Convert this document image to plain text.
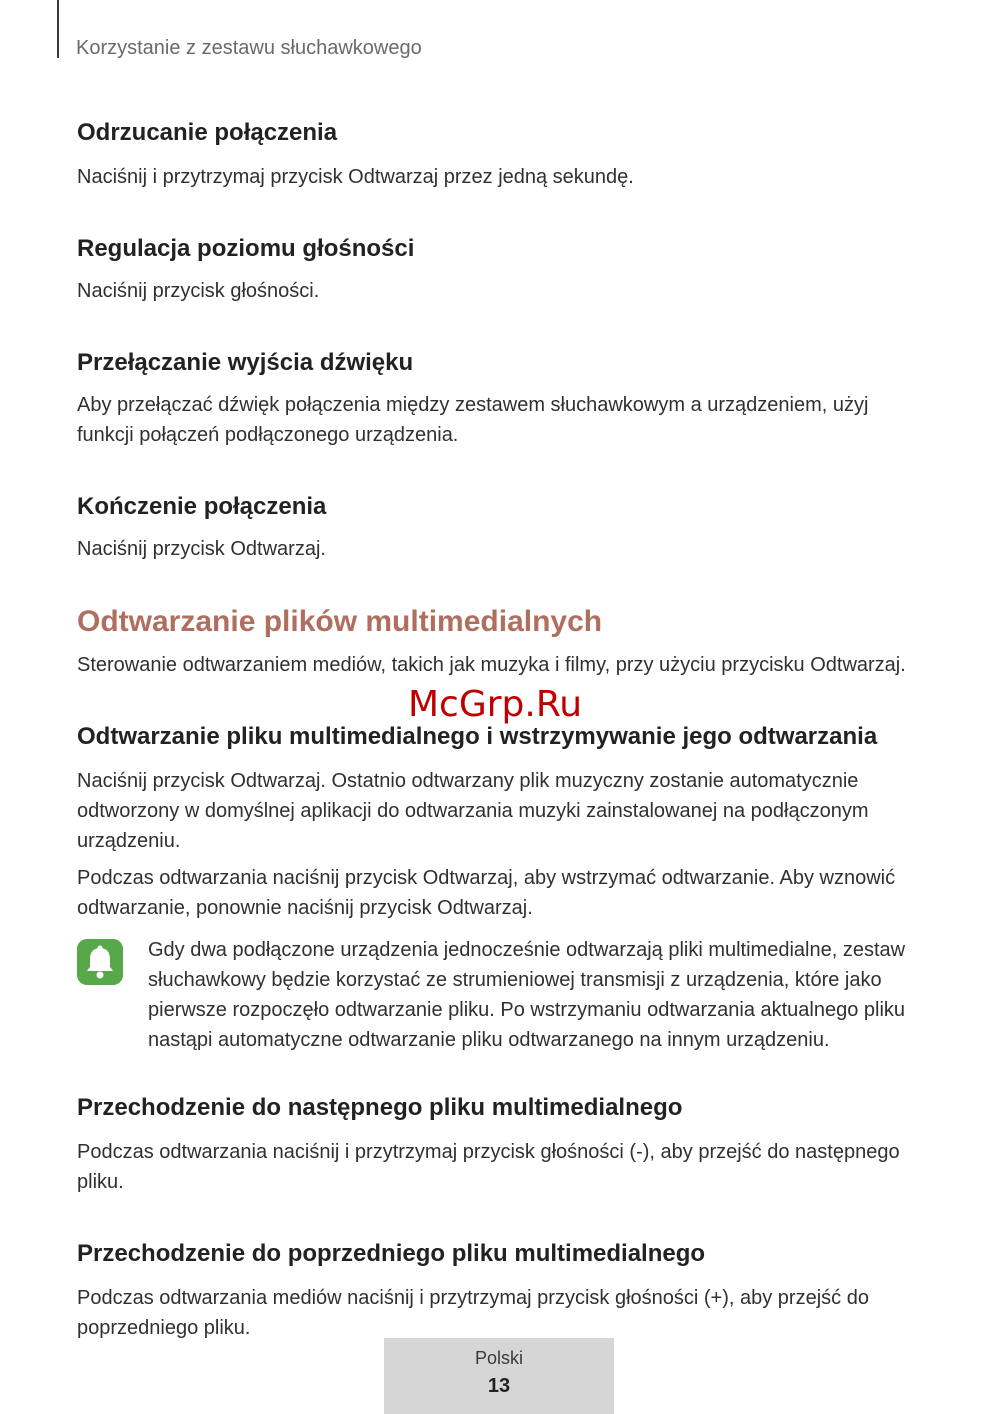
Korzystanie z zestawu słuchawkowego
Odrzucanie połączenia

Naciśnij i przytrzymaj przycisk Odtwarzaj przez jedną sekundę.

Regulacja poziomu głośności

Naciśnij przycisk głośności.

Przełączanie wyjścia dźwięku

Aby przełączać dźwięk połączenia między zestawem słuchawkowym a urządzeniem, użyj funkcji połączeń podłączonego urządzenia.

Kończenie połączenia

Naciśnij przycisk Odtwarzaj.

Odtwarzanie plików multimedialnych

Sterowanie odtwarzaniem mediów, takich jak muzyka i filmy, przy użyciu przycisku Odtwarzaj.

Odtwarzanie pliku multimedialnego i wstrzymywanie jego odtwarzania

Naciśnij przycisk Odtwarzaj. Ostatnio odtwarzany plik muzyczny zostanie automatycznie odtworzony w domyślnej aplikacji do odtwarzania muzyki zainstalowanej na podłączonym urządzeniu.

Podczas odtwarzania naciśnij przycisk Odtwarzaj, aby wstrzymać odtwarzanie. Aby wznowić odtwarzanie, ponownie naciśnij przycisk Odtwarzaj.

Gdy dwa podłączone urządzenia jednocześnie odtwarzają pliki multimedialne, zestaw słuchawkowy będzie korzystać ze strumieniowej transmisji z urządzenia, które jako pierwsze rozpoczęło odtwarzanie pliku. Po wstrzymaniu odtwarzania aktualnego pliku nastąpi automatyczne odtwarzanie pliku odtwarzanego na innym urządzeniu.

Przechodzenie do następnego pliku multimedialnego

Podczas odtwarzania naciśnij i przytrzymaj przycisk głośności (-), aby przejść do następnego pliku.

Przechodzenie do poprzedniego pliku multimedialnego

Podczas odtwarzania mediów naciśnij i przytrzymaj przycisk głośności (+), aby przejść do poprzedniego pliku.

McGrp.Ru
Polski
13
